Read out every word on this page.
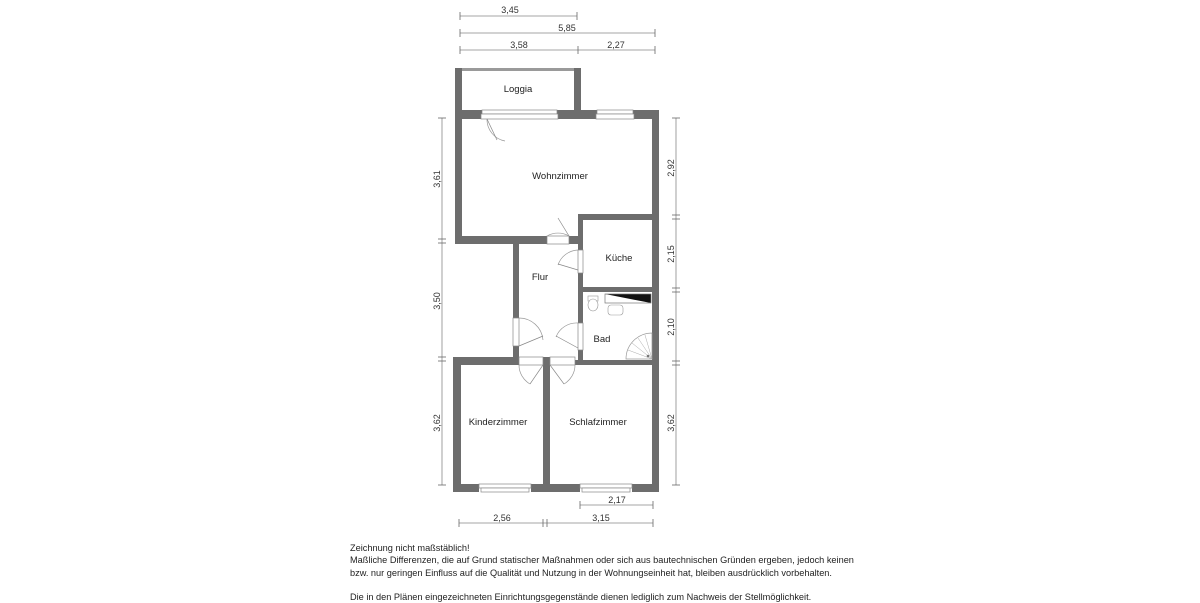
3,45
5,85
3,58	2,27
Loggia
Wohnzimmer
Flur
Küche
Bad
Kinderzimmer	Schlafzimmer
3,61
3,50
3,62
2,92
2,15
2,10
3,62
2,17
2,56	3,15

Zeichnung nicht maßstäblich!

Maßliche Differenzen, die auf Grund statischer Maßnahmen oder sich aus bautechnischen Gründen ergeben, jedoch keinen

bzw. nur geringen Einfluss auf die Qualität und Nutzung in der Wohnungseinheit hat, bleiben ausdrücklich vorbehalten.

Die in den Plänen eingezeichneten Einrichtungsgegenstände dienen lediglich zum Nachweis der Stellmöglichkeit.
